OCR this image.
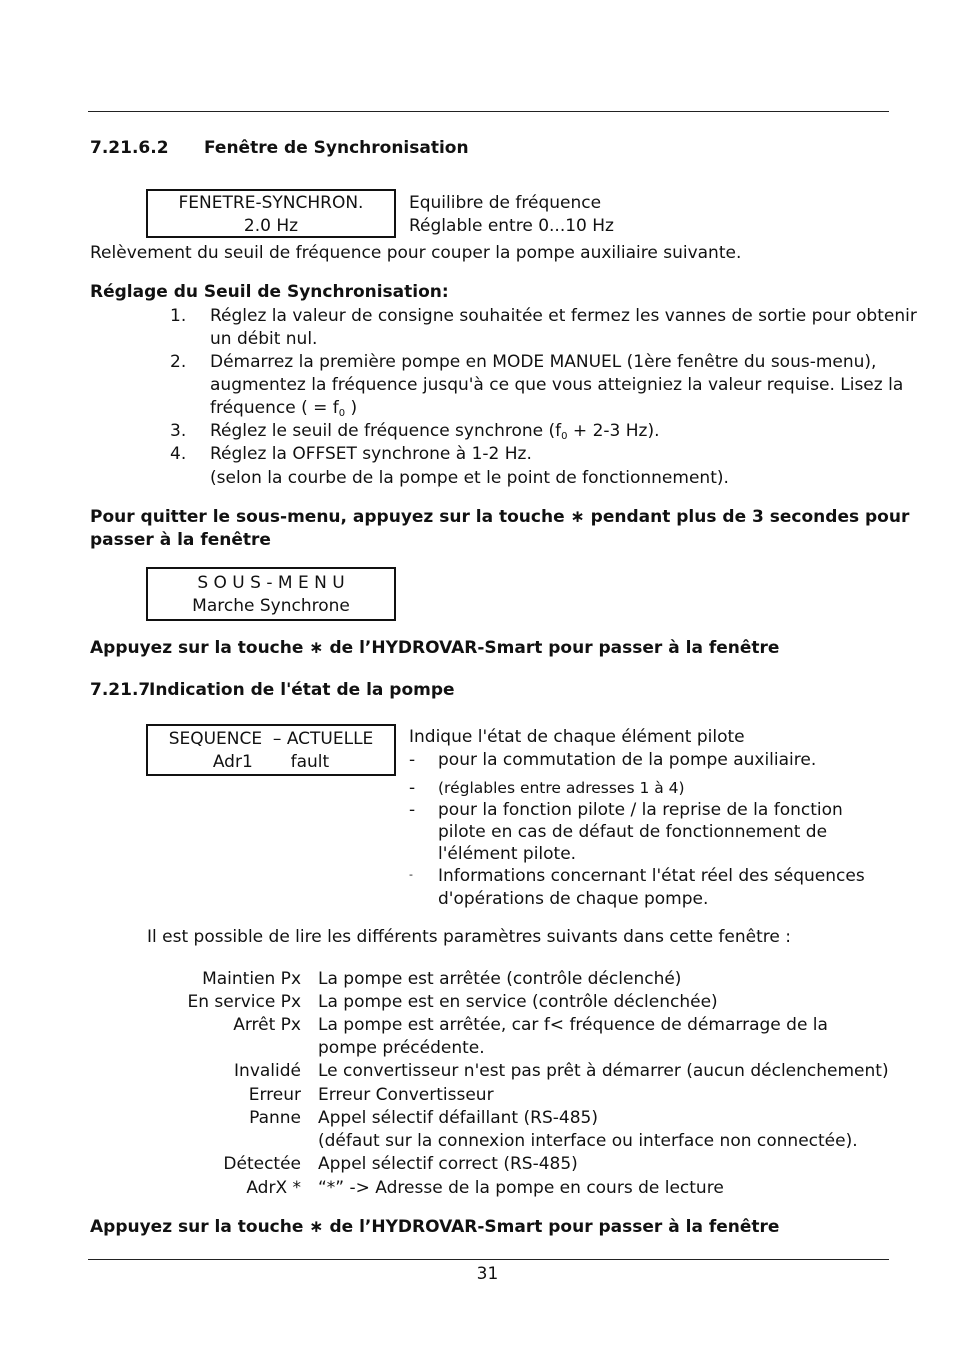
7.21.6.2 Fenêtre de Synchronisation
FENETRE-SYNCHRON.
2.0 Hz
Equilibre de fréquence
Réglable entre 0...10 Hz
Relèvement du seuil de fréquence pour couper la pompe auxiliaire suivante.
Réglage du Seuil de Synchronisation:
1. Réglez la valeur de consigne souhaitée et fermez les vannes de sortie pour obtenir
un débit nul.
2. Démarrez la première pompe en MODE MANUEL (1ère fenêtre du sous-menu),
augmentez la fréquence jusqu'à ce que vous atteigniez la valeur requise. Lisez la
fréquence ( = $f_0$ )
3. Réglez le seuil de fréquence synchrone ($f_0 + 2-3$ Hz).
4. Réglez la OFFSET synchrone à 1-2 Hz.
(selon la courbe de la pompe et le point de fonctionnement).
Pour quitter le sous-menu, appuyez sur la touche ∗ pendant plus de 3 secondes pour
passer à la fenêtre
S O U S - M E N U
Marche Synchrone
Appuyez sur la touche ∗ de l’HYDROVAR-Smart pour passer à la fenêtre
7.21.7
Indication de l'état de la pompe
SEQUENCE  – ACTUELLE
Adr1       fault
Indique l'état de chaque élément pilote
- pour la commutation de la pompe auxiliaire.
- (réglables entre adresses 1 à 4)
- pour la fonction pilote / la reprise de la fonction
pilote en cas de défaut de fonctionnement de
l'élément pilote.
- Informations concernant l'état réel des séquences
d'opérations de chaque pompe.
Il est possible de lire les différents paramètres suivants dans cette fenêtre :
Maintien Px La pompe est arrêtée (contrôle déclenché)
En service Px La pompe est en service (contrôle déclenchée)
Arrêt Px La pompe est arrêtée, car f< fréquence de démarrage de la
pompe précédente.
Invalidé Le convertisseur n'est pas prêt à démarrer (aucun déclenchement)
Erreur Erreur Convertisseur
Panne Appel sélectif défaillant (RS-485)
(défaut sur la connexion interface ou interface non connectée).
Détectée Appel sélectif correct (RS-485)
AdrX * “*” -> Adresse de la pompe en cours de lecture
Appuyez sur la touche ∗ de l’HYDROVAR-Smart pour passer à la fenêtre
31
